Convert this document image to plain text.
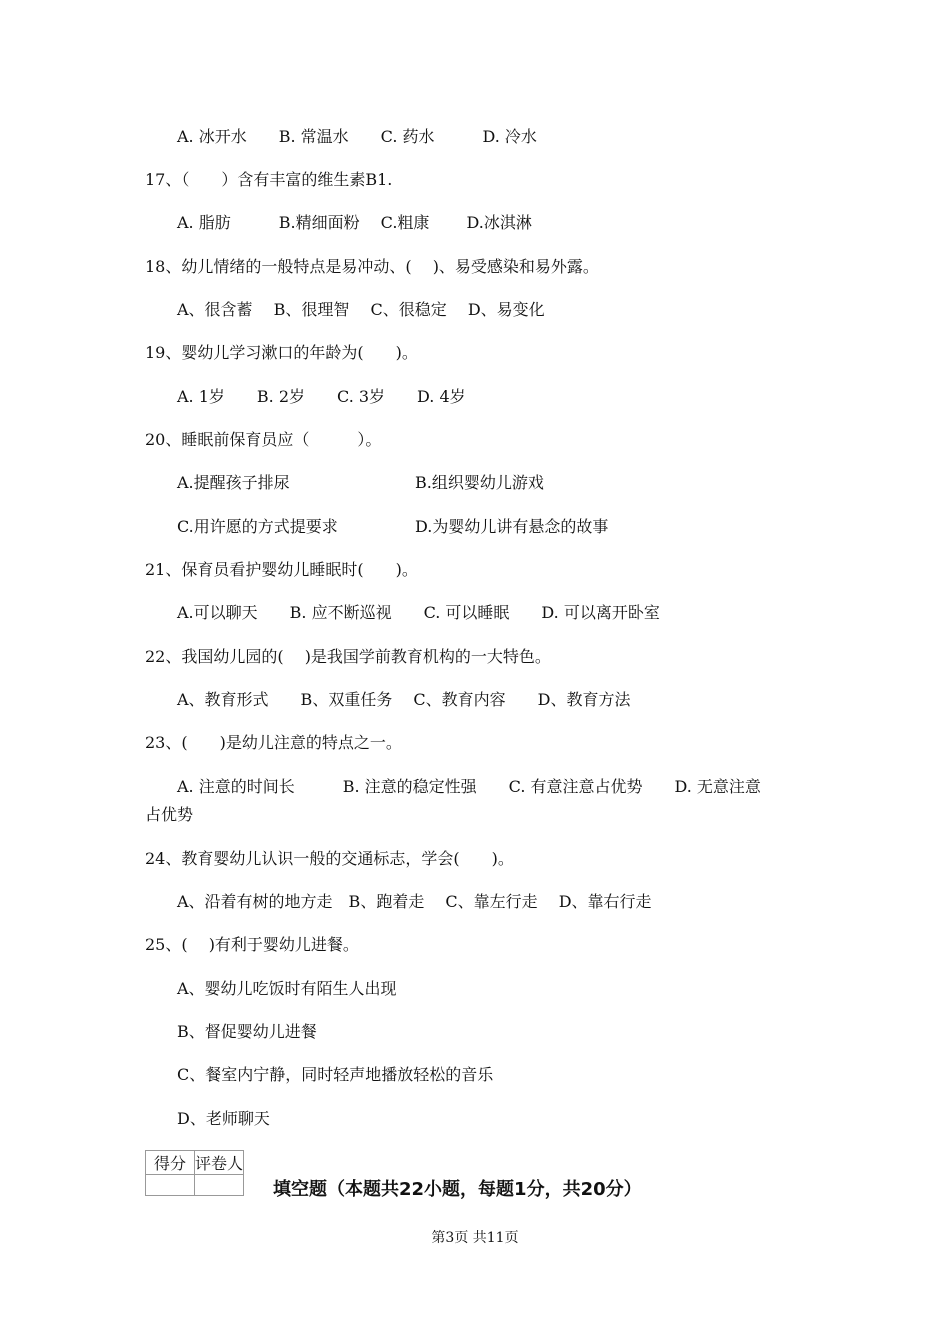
A. 冰开水　　B. 常温水　　C. 药水　　　D. 冷水
17、（　　）含有丰富的维生素B1.
A. 脂肪　　　B.精细面粉　 C.粗康　　 D.冰淇淋
18、幼儿情绪的一般特点是易冲动、(　 )、易受感染和易外露。
A、很含蓄　 B、很理智　 C、很稳定　 D、易变化
19、婴幼儿学习漱口的年龄为(　　)。
A. 1岁　　B. 2岁　　C. 3岁　　D. 4岁
20、睡眠前保育员应（　　　）。
A.提醒孩子排尿	B.组织婴幼儿游戏
C.用许愿的方式提要求	D.为婴幼儿讲有悬念的故事
21、保育员看护婴幼儿睡眠时(　　)。
A.可以聊天　　B. 应不断巡视　　C. 可以睡眠　　D. 可以离开卧室
22、我国幼儿园的(　 )是我国学前教育机构的一大特色。
A、教育形式　　B、双重任务　 C、教育内容　　D、教育方法
23、(　　)是幼儿注意的特点之一。
A. 注意的时间长　　　B. 注意的稳定性强　　C. 有意注意占优势　　D. 无意注意
占优势
24、教育婴幼儿认识一般的交通标志，学会(　　)。
A、沿着有树的地方走　B、跑着走　 C、靠左行走　 D、靠右行走
25、(　 )有利于婴幼儿进餐。
A、婴幼儿吃饭时有陌生人出现
B、督促婴幼儿进餐
C、餐室内宁静，同时轻声地播放轻松的音乐
D、老师聊天
得分	评卷人

填空题（本题共22小题，每题1分，共20分）
第3页 共11页
